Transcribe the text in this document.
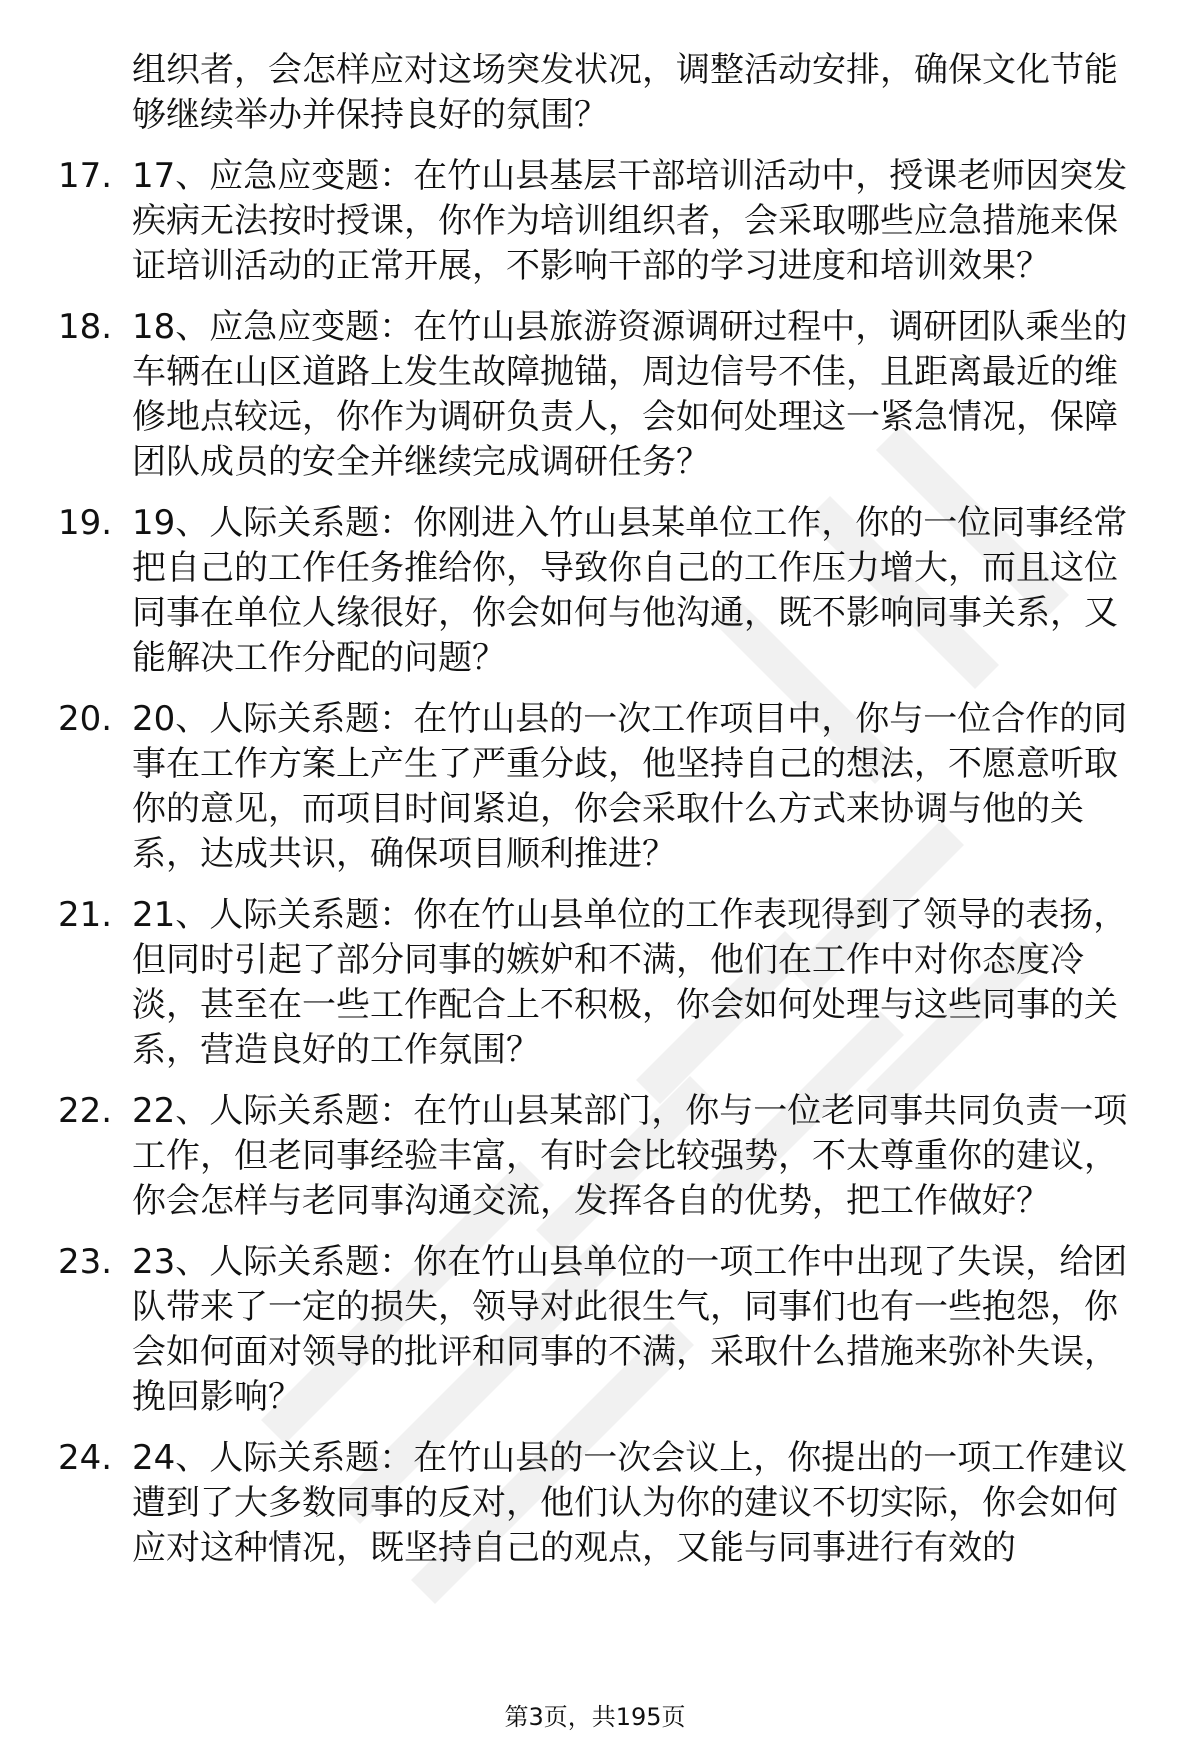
组织者，会怎样应对这场突发状况，调整活动安排，确保文化节能够继续举办并保持良好的氛围？
17. 17、应急应变题：在竹山县基层干部培训活动中，授课老师因突发疾病无法按时授课，你作为培训组织者，会采取哪些应急措施来保证培训活动的正常开展，不影响干部的学习进度和培训效果？
18. 18、应急应变题：在竹山县旅游资源调研过程中，调研团队乘坐的车辆在山区道路上发生故障抛锚，周边信号不佳，且距离最近的维修地点较远，你作为调研负责人，会如何处理这一紧急情况，保障团队成员的安全并继续完成调研任务？
19. 19、人际关系题：你刚进入竹山县某单位工作，你的一位同事经常把自己的工作任务推给你，导致你自己的工作压力增大，而且这位同事在单位人缘很好，你会如何与他沟通，既不影响同事关系，又能解决工作分配的问题？
20. 20、人际关系题：在竹山县的一次工作项目中，你与一位合作的同事在工作方案上产生了严重分歧，他坚持自己的想法，不愿意听取你的意见，而项目时间紧迫，你会采取什么方式来协调与他的关系，达成共识，确保项目顺利推进？
21. 21、人际关系题：你在竹山县单位的工作表现得到了领导的表扬，但同时引起了部分同事的嫉妒和不满，他们在工作中对你态度冷淡，甚至在一些工作配合上不积极，你会如何处理与这些同事的关系，营造良好的工作氛围？
22. 22、人际关系题：在竹山县某部门，你与一位老同事共同负责一项工作，但老同事经验丰富，有时会比较强势，不太尊重你的建议，你会怎样与老同事沟通交流，发挥各自的优势，把工作做好？
23. 23、人际关系题：你在竹山县单位的一项工作中出现了失误，给团队带来了一定的损失，领导对此很生气，同事们也有一些抱怨，你会如何面对领导的批评和同事的不满，采取什么措施来弥补失误，挽回影响？
24. 24、人际关系题：在竹山县的一次会议上，你提出的一项工作建议遭到了大多数同事的反对，他们认为你的建议不切实际，你会如何应对这种情况，既坚持自己的观点，又能与同事进行有效的
第3页，共195页
